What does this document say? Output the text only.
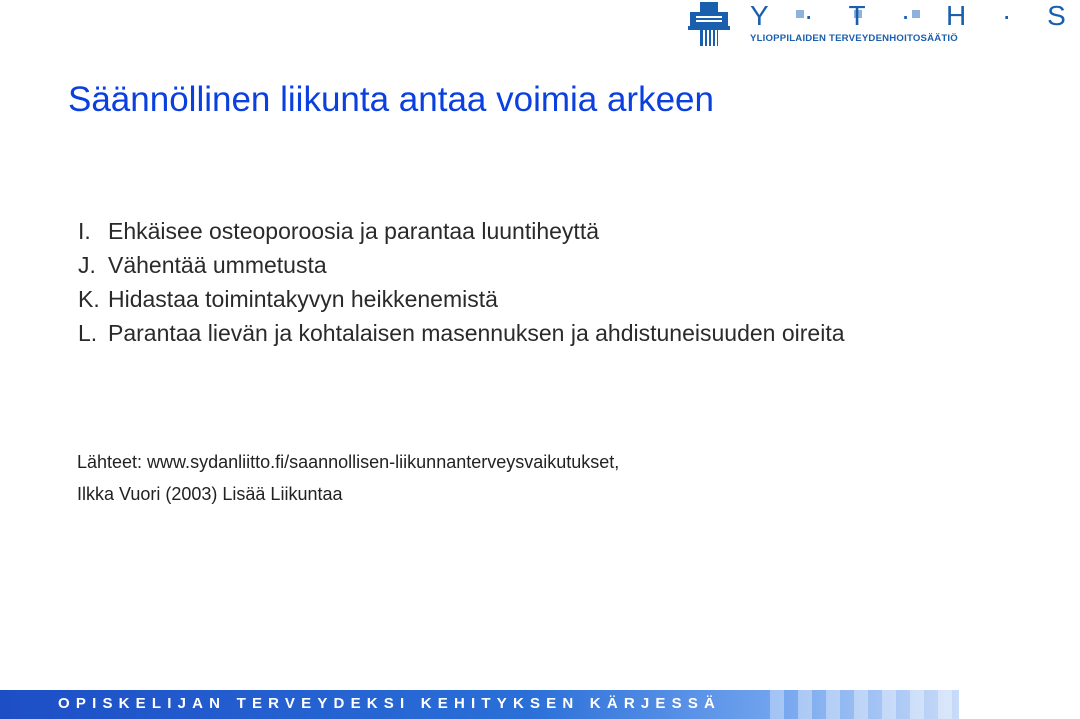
Y · T · H · S
YLIOPPILAIDEN TERVEYDENHOITOSÄÄTIÖ
Säännöllinen liikunta antaa voimia arkeen
I. Ehkäisee osteoporoosia ja parantaa luuntiheyttä
J. Vähentää ummetusta
K. Hidastaa toimintakyvyn heikkenemistä
L. Parantaa lievän ja kohtalaisen masennuksen ja ahdistuneisuuden oireita
Lähteet: www.sydanliitto.fi/saannollisen-liikunnanterveysvaikutukset,
Ilkka Vuori (2003) Lisää Liikuntaa
OPISKELIJAN TERVEYDEKSI KEHITYKSEN KÄRJESSÄ
